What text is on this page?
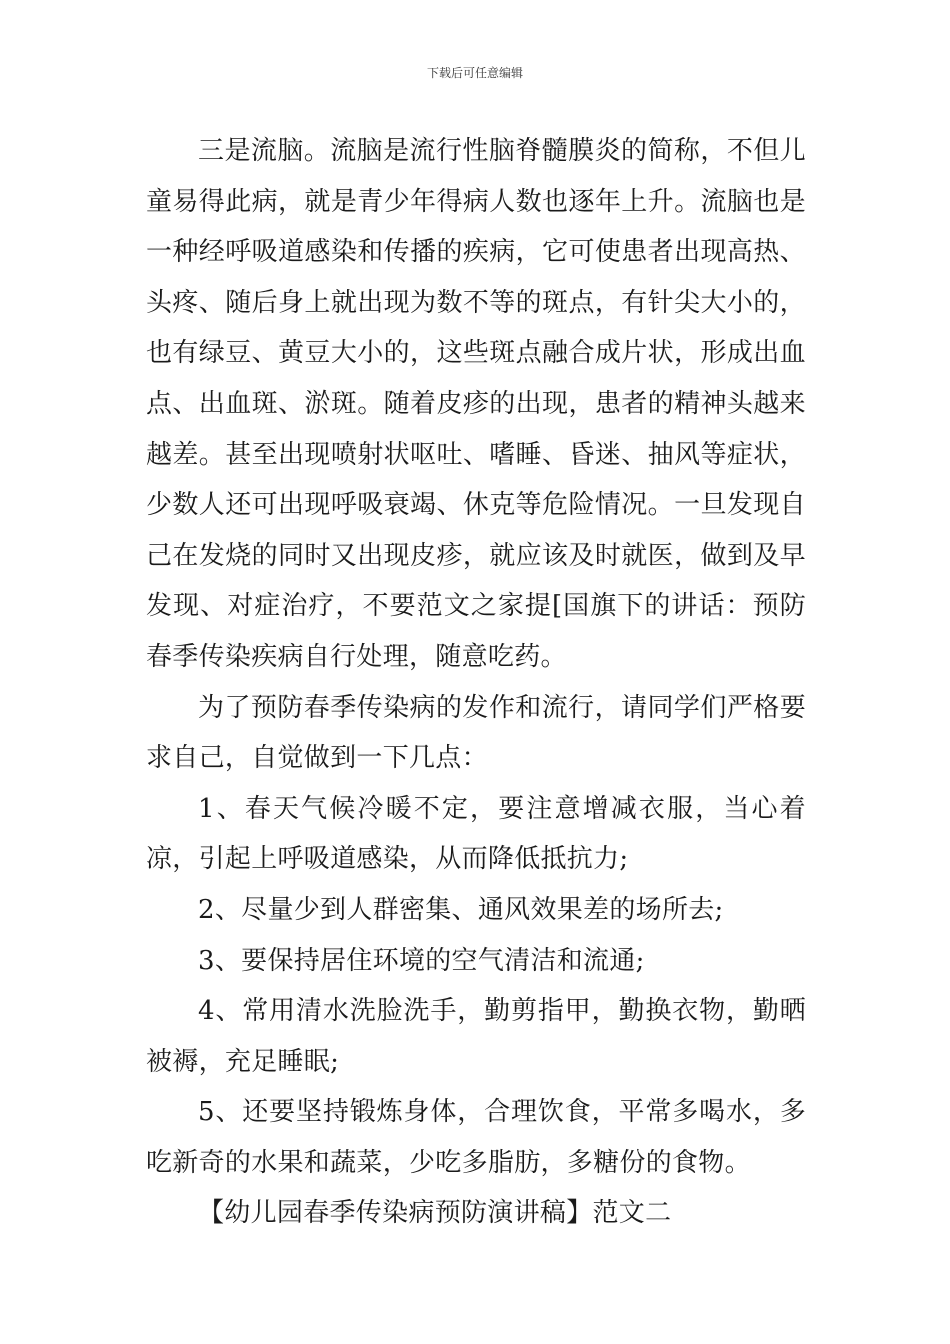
下载后可任意编辑

三是流脑。流脑是流行性脑脊髓膜炎的简称，不但儿童易得此病，就是青少年得病人数也逐年上升。流脑也是一种经呼吸道感染和传播的疾病，它可使患者出现高热、头疼、随后身上就出现为数不等的斑点，有针尖大小的，也有绿豆、黄豆大小的，这些斑点融合成片状，形成出血点、出血斑、淤斑。随着皮疹的出现，患者的精神头越来越差。甚至出现喷射状呕吐、嗜睡、昏迷、抽风等症状，少数人还可出现呼吸衰竭、休克等危险情况。一旦发现自己在发烧的同时又出现皮疹，就应该及时就医，做到及早发现、对症治疗，不要范文之家提[国旗下的讲话：预防春季传染疾病自行处理，随意吃药。

为了预防春季传染病的发作和流行，请同学们严格要求自己，自觉做到一下几点：

1、春天气候冷暖不定，要注意增减衣服，当心着凉，引起上呼吸道感染，从而降低抵抗力;

2、尽量少到人群密集、通风效果差的场所去;

3、要保持居住环境的空气清洁和流通;

4、常用清水洗脸洗手，勤剪指甲，勤换衣物，勤晒被褥，充足睡眠;

5、还要坚持锻炼身体，合理饮食，平常多喝水，多吃新奇的水果和蔬菜，少吃多脂肪，多糖份的食物。

【幼儿园春季传染病预防演讲稿】范文二
